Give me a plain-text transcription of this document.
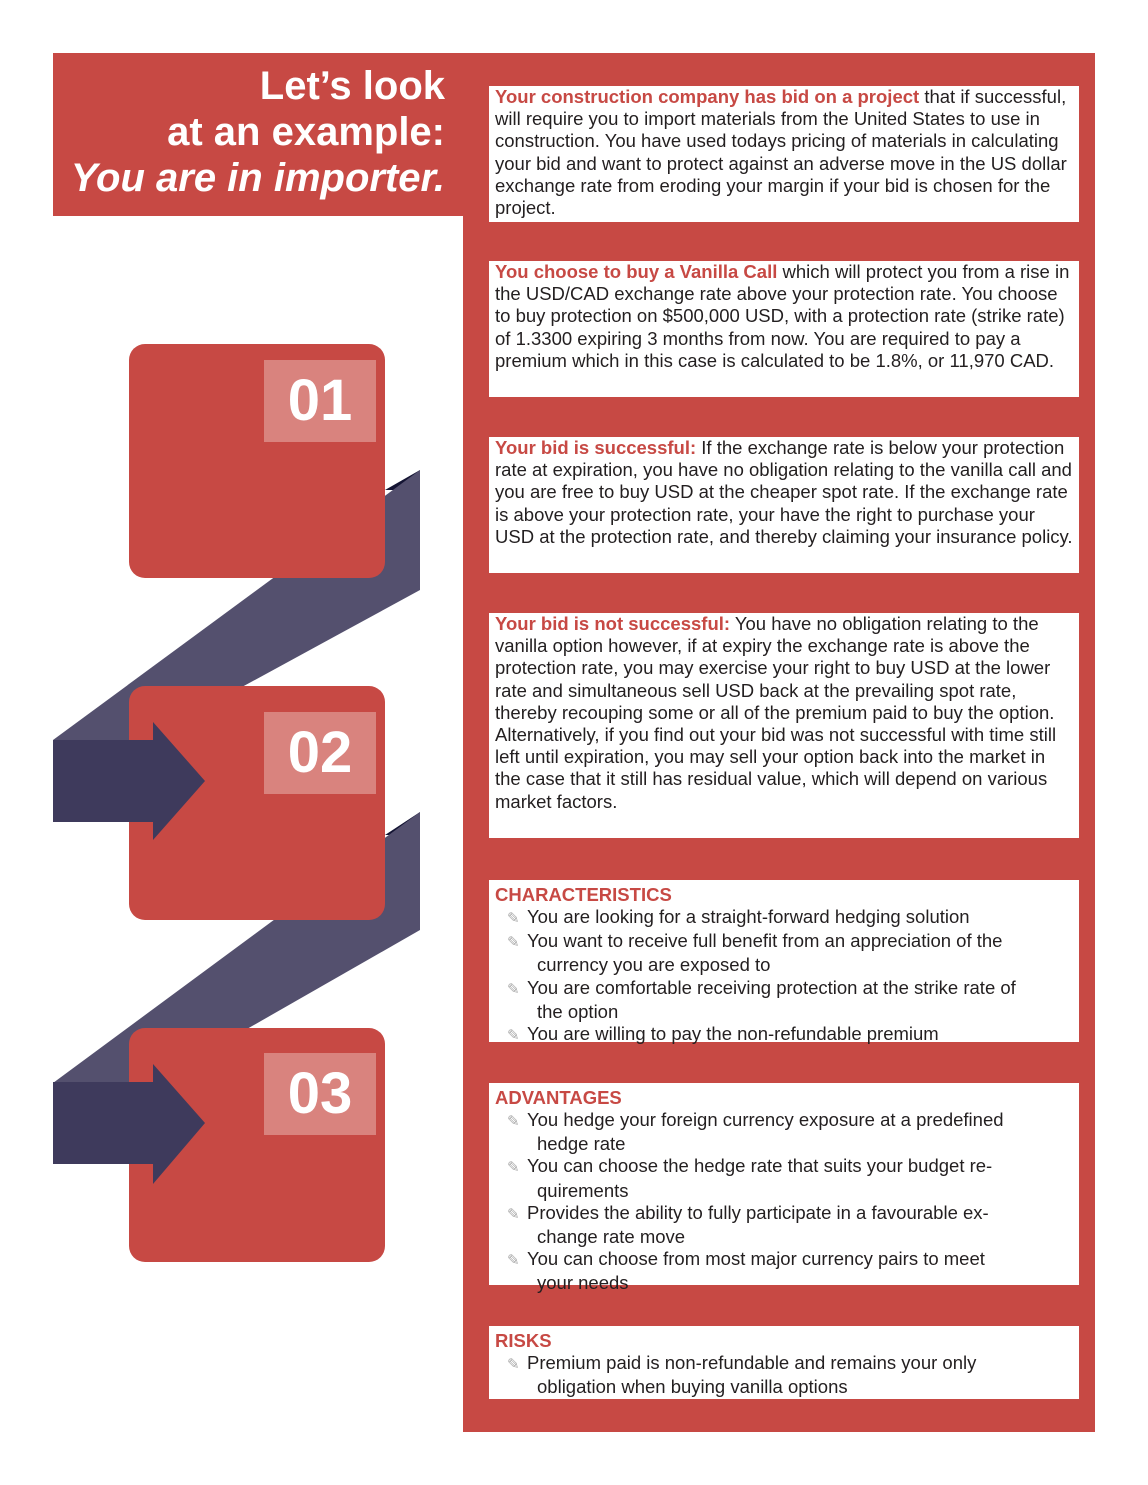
Let’s look
at an example:
You are in importer.
01
02
03
Your construction company has bid on a project that if successful, will require you to import materials from the United States to use in construction. You have used todays pricing of materials in calculating your bid and want to protect against an adverse move in the US dollar exchange rate from eroding your margin if your bid is chosen for the project.
You choose to buy a Vanilla Call which will protect you from a rise in the USD/CAD exchange rate above your protection rate. You choose to buy protection on $500,000 USD, with a protection rate (strike rate) of 1.3300 expiring 3 months from now. You are required to pay a premium which in this case is calculated to be 1.8%, or 11,970 CAD.
Your bid is successful: If the exchange rate is below your protection rate at expiration, you have no obligation relating to the vanilla call and you are free to buy USD at the cheaper spot rate. If the exchange rate is above your protection rate, your have the right to purchase your USD at the protection rate, and thereby claiming your insurance policy.
Your bid is not successful: You have no obligation relating to the vanilla option however, if at expiry the exchange rate is above the protection rate, you may exercise your right to buy USD at the lower rate and simultaneous sell USD back at the prevailing spot rate, thereby recouping some or all of the premium paid to buy the option. Alternatively, if you find out your bid was not successful with time still left until expiration, you may sell your option back into the market in the case that it still has residual value, which will depend on various market factors.
CHARACTERISTICS
✎ You are looking for a straight-forward hedging solution
✎ You want to receive full benefit from an appreciation of the
currency you are exposed to
✎ You are comfortable receiving protection at the strike rate of
the option
✎ You are willing to pay the non-refundable premium
ADVANTAGES
✎ You hedge your foreign currency exposure at a predefined
hedge rate
✎ You can choose the hedge rate that suits your budget re-
quirements
✎ Provides the ability to fully participate in a favourable ex-
change rate move
✎ You can choose from most major currency pairs to meet
your needs
RISKS
✎ Premium paid is non-refundable and remains your only
obligation when buying vanilla options
